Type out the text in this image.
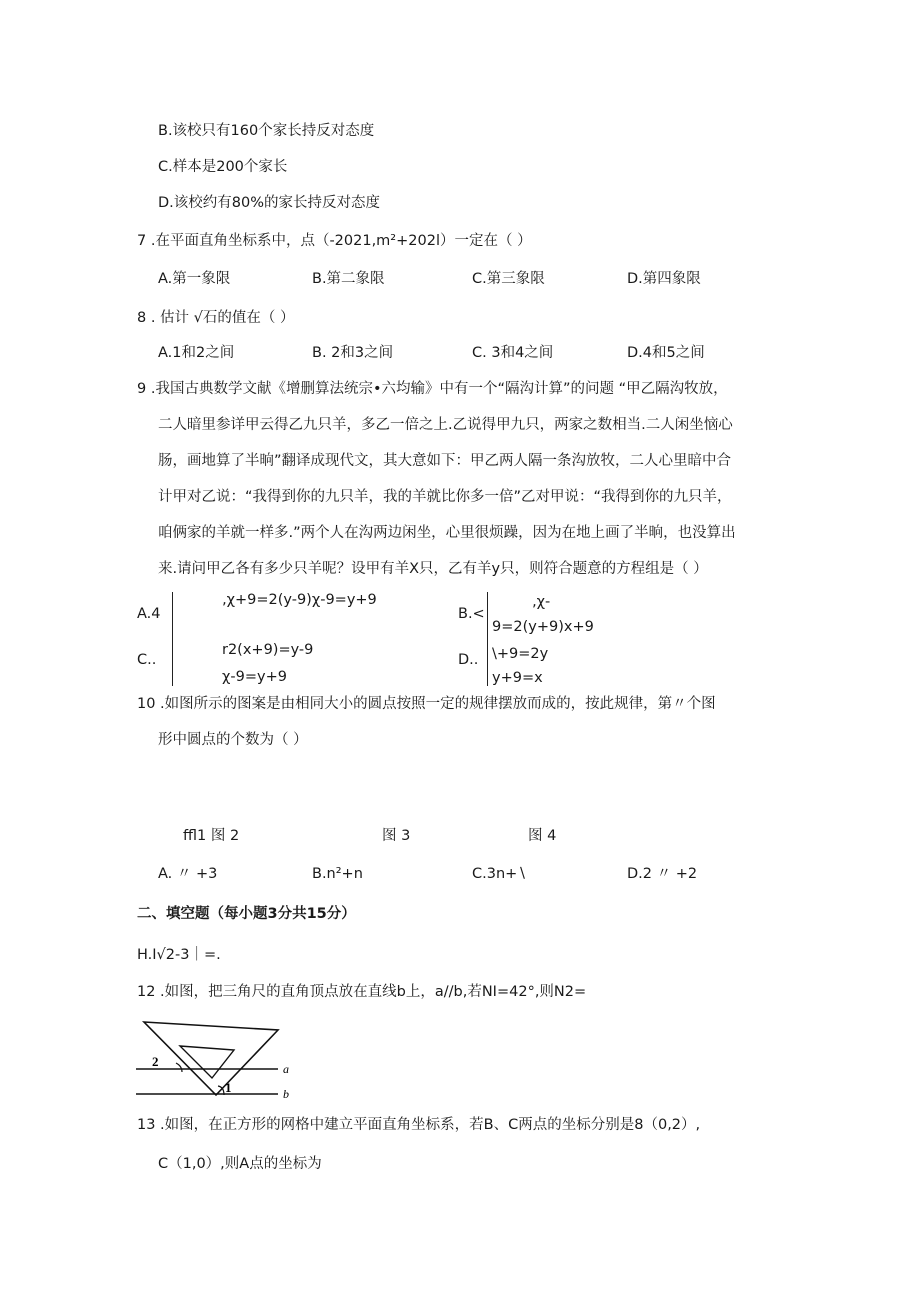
B.该校只有160个家长持反对态度
C.样本是200个家长
D.该校约有80%的家长持反对态度
7 .在平面直角坐标系中，点（-2021,m²+202l）一定在（ ）
A.第一象限	B.第二象限	C.第三象限	D.第四象限
8 . 估计 √石的值在（ ）
A.1和2之间	B. 2和3之间	C. 3和4之间	D.4和5之间
9 .我国古典数学文献《增删算法统宗•六均输》中有一个“隔沟计算”的问题 “甲乙隔沟牧放，
二人暗里参详甲云得乙九只羊，多乙一倍之上.乙说得甲九只，两家之数相当.二人闲坐恼心
肠，画地算了半晌”翻译成现代文，其大意如下：甲乙两人隔一条沟放牧，二人心里暗中合
计甲对乙说：“我得到你的九只羊，我的羊就比你多一倍”乙对甲说：“我得到你的九只羊，
咱俩家的羊就一样多.”两个人在沟两边闲坐，心里很烦躁，因为在地上画了半晌，也没算出
来.请问甲乙各有多少只羊呢？设甲有羊X只，乙有羊y只，则符合题意的方程组是（ ）
A.4
‚χ+9=2(y-9)χ-9=y+9
C..
r2(x+9)=y-9
χ-9=y+9
B.<
‚χ-
9=2(y+9)x+9
D.. \+9=2y
y+9=x
10 .如图所示的图案是由相同大小的圆点按照一定的规律摆放而成的，按此规律，第〃个图
形中圆点的个数为（ ）
ffl1 图 2	图 3	图 4
A. 〃 +3	B.n²+n	C.3n+∖	D.2 〃 +2
二、填空题（每小题3分共15分）
H.I√2-3｜=.
12 .如图，把三角尺的直角顶点放在直线b上，a∕∕b,若NI=42°,则N2=
2
1
a
b
13 .如图，在正方形的网格中建立平面直角坐标系，若B、C两点的坐标分别是8（0,2）,
C（1,0）,则A点的坐标为
